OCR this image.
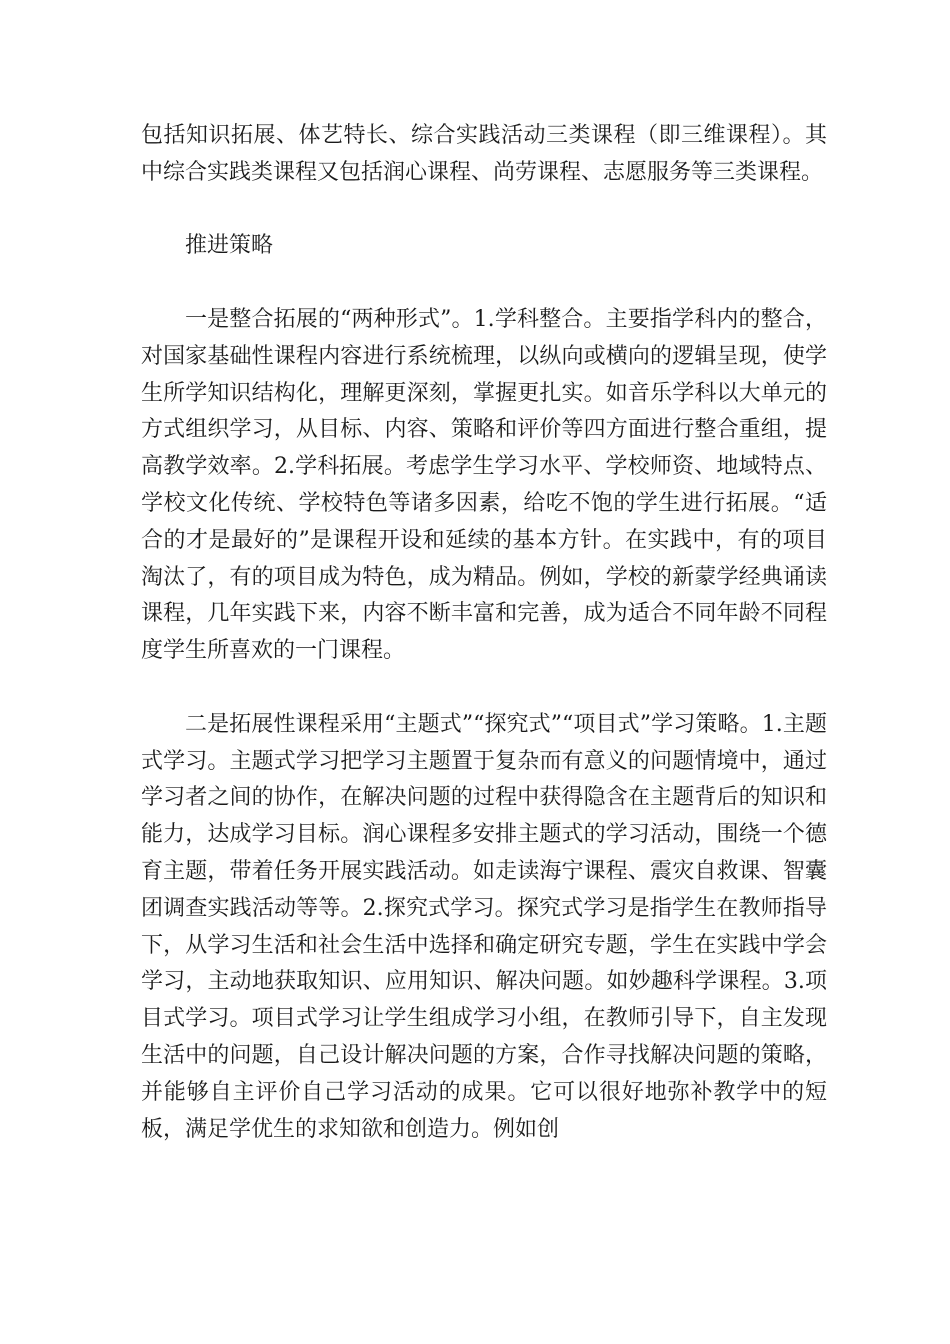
包括知识拓展、体艺特长、综合实践活动三类课程（即三维课程）。其中综合实践类课程又包括润心课程、尚劳课程、志愿服务等三类课程。

推进策略

一是整合拓展的“两种形式”。1.学科整合。主要指学科内的整合，对国家基础性课程内容进行系统梳理，以纵向或横向的逻辑呈现，使学生所学知识结构化，理解更深刻，掌握更扎实。如音乐学科以大单元的方式组织学习，从目标、内容、策略和评价等四方面进行整合重组，提高教学效率。2.学科拓展。考虑学生学习水平、学校师资、地域特点、学校文化传统、学校特色等诸多因素，给吃不饱的学生进行拓展。“适合的才是最好的”是课程开设和延续的基本方针。在实践中，有的项目淘汰了，有的项目成为特色，成为精品。例如，学校的新蒙学经典诵读课程，几年实践下来，内容不断丰富和完善，成为适合不同年龄不同程度学生所喜欢的一门课程。

二是拓展性课程采用“主题式”“探究式”“项目式”学习策略。1.主题式学习。主题式学习把学习主题置于复杂而有意义的问题情境中，通过学习者之间的协作，在解决问题的过程中获得隐含在主题背后的知识和能力，达成学习目标。润心课程多安排主题式的学习活动，围绕一个德育主题，带着任务开展实践活动。如走读海宁课程、震灾自救课、智囊团调查实践活动等等。2.探究式学习。探究式学习是指学生在教师指导下，从学习生活和社会生活中选择和确定研究专题，学生在实践中学会学习，主动地获取知识、应用知识、解决问题。如妙趣科学课程。3.项目式学习。项目式学习让学生组成学习小组，在教师引导下，自主发现生活中的问题，自己设计解决问题的方案，合作寻找解决问题的策略，并能够自主评价自己学习活动的成果。它可以很好地弥补教学中的短板，满足学优生的求知欲和创造力。例如创
